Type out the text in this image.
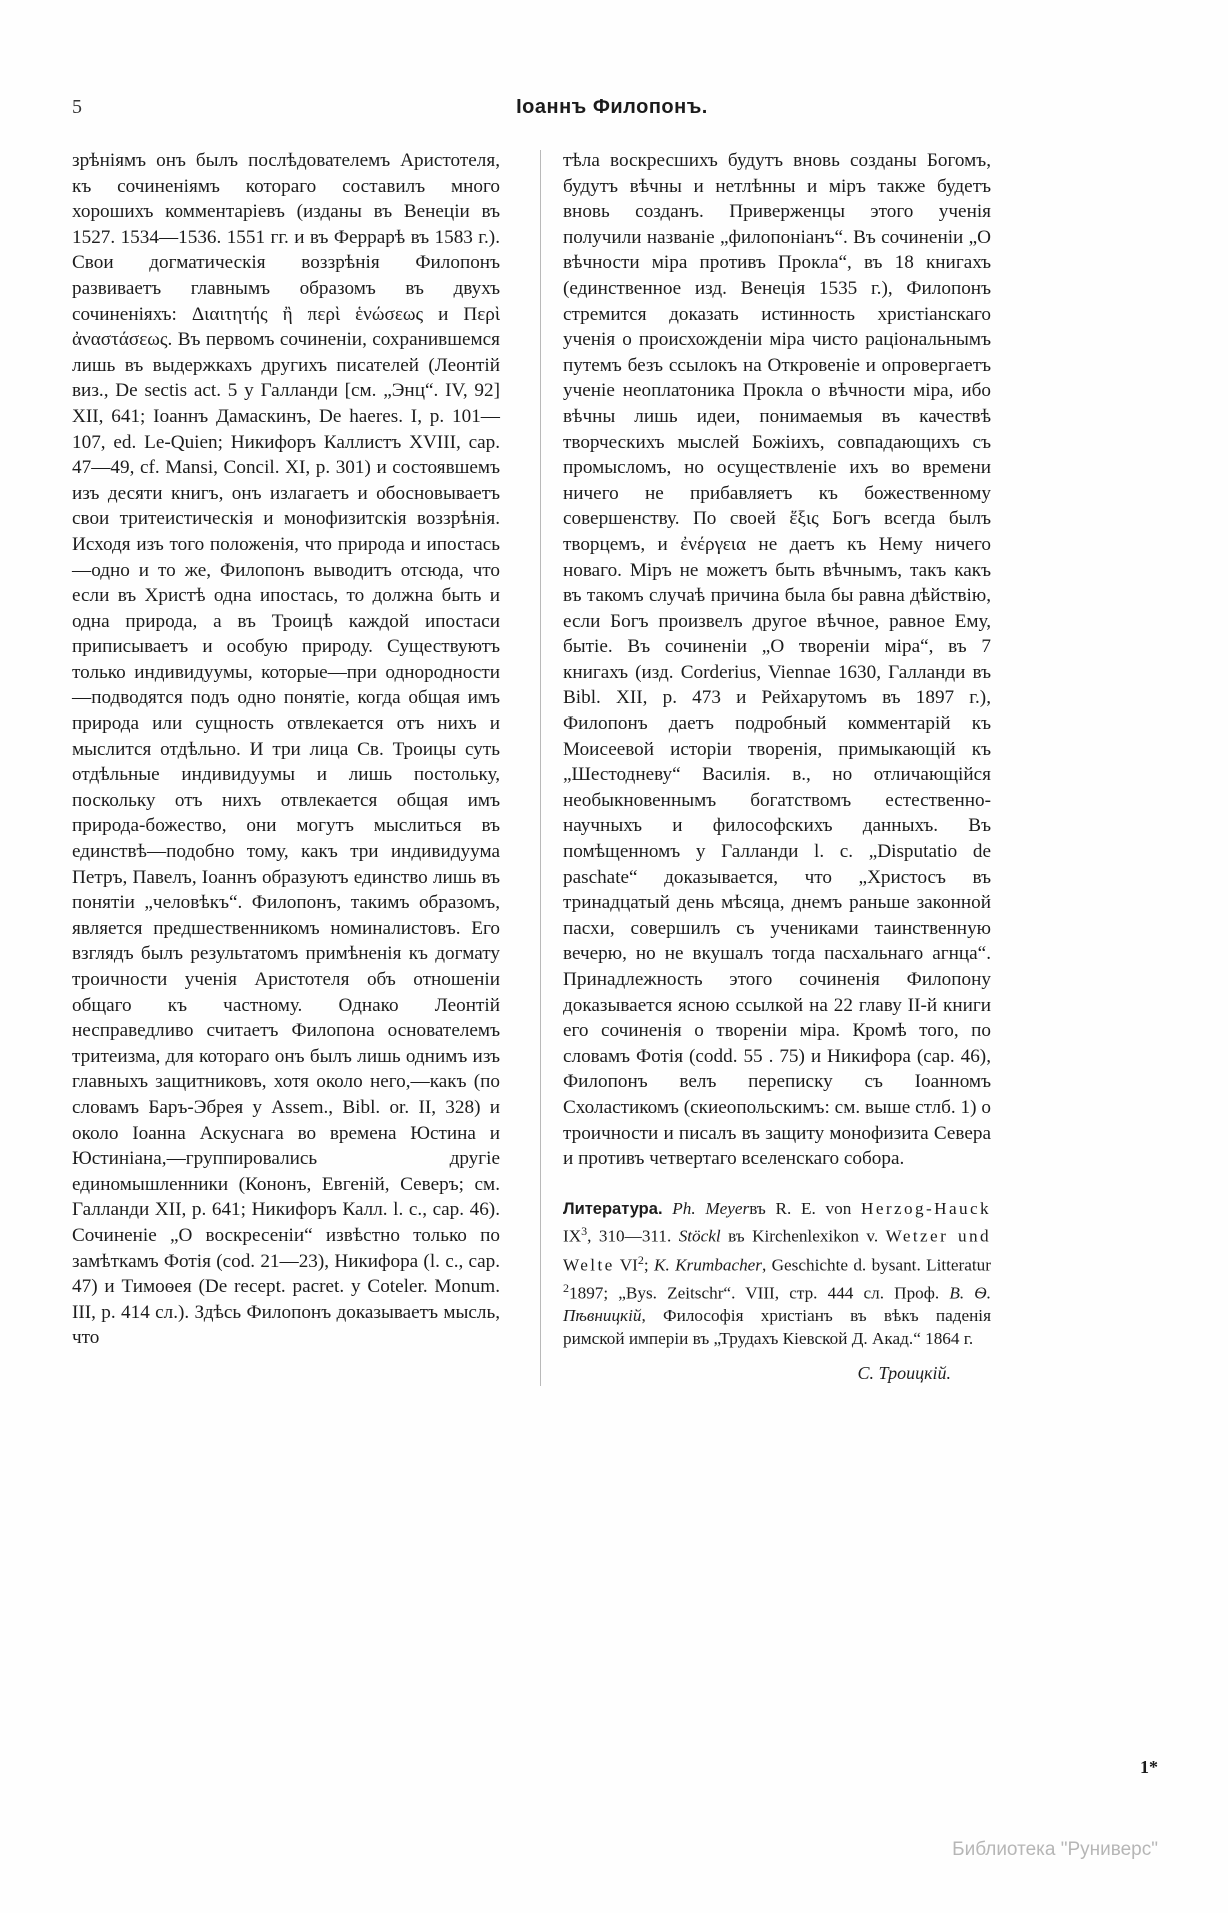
5	Іоаннъ Филопонъ.

зрѣніямъ онъ былъ послѣдователемъ Аристотеля, къ сочиненіямъ котораго составилъ много хорошихъ комментаріевъ (изданы въ Венеціи въ 1527. 1534—1536. 1551 гг. и въ Феррарѣ въ 1583 г.). Свои догматическія воззрѣнія Филопонъ развиваетъ главнымъ образомъ въ двухъ сочиненіяхъ: Διαιτητής ἢ περὶ ἑνώσεως и Περὶ ἀναστάσεως. Въ первомъ сочиненіи, сохранившемся лишь въ выдержкахъ другихъ писателей (Леонтій виз., De sectis act. 5 у Галланди [см. „Энц“. IV, 92] XII, 641; Іоаннъ Дамаскинъ, De haeres. I, p. 101—107, ed. Le-Quien; Никифоръ Каллистъ XVIII, cap. 47—49, cf. Mansi, Concil. XI, p. 301) и состоявшемъ изъ десяти книгъ, онъ излагаетъ и обосновываетъ свои тритеистическія и монофизитскія воззрѣнія. Исходя изъ того положенія, что природа и ипостась—одно и то же, Филопонъ выводитъ отсюда, что если въ Христѣ одна ипостась, то должна быть и одна природа, а въ Троицѣ каждой ипостаси приписываетъ и особую природу. Существуютъ только индивидуумы, которые—при однородности—подводятся подъ одно понятіе, когда общая имъ природа или сущность отвлекается отъ нихъ и мыслится отдѣльно. И три лица Св. Троицы суть отдѣльные индивидуумы и лишь постольку, поскольку отъ нихъ отвлекается общая имъ природа-божество, они могутъ мыслиться въ единствѣ—подобно тому, какъ три индивидуума Петръ, Павелъ, Іоаннъ образуютъ единство лишь въ понятіи „человѣкъ“. Филопонъ, такимъ образомъ, является предшественникомъ номиналистовъ. Его взглядъ былъ результатомъ примѣненія къ догмату троичности ученія Аристотеля объ отношеніи общаго къ частному. Однако Леонтій несправедливо считаетъ Филопона основателемъ тритеизма, для котораго онъ былъ лишь однимъ изъ главныхъ защитниковъ, хотя около него,—какъ (по словамъ Баръ-Эбрея у Assem., Bibl. or. II, 328) и около Іоанна Аскуснага во времена Юстина и Юстиніана,—группировались другіе единомышленники (Кононъ, Евгеній, Северъ; см. Галланди XII, p. 641; Никифоръ Калл. l. c., cap. 46). Сочиненіе „О воскресеніи“ извѣстно только по замѣткамъ Фотія (cod. 21—23), Никифора (l. c., cap. 47) и Тимоѳея (De recept. pacret. y Coteler. Monum. III, p. 414 сл.). Здѣсь Филопонъ доказываетъ мысль, что

тѣла воскресшихъ будутъ вновь созданы Богомъ, будутъ вѣчны и нетлѣнны и міръ также будетъ вновь созданъ. Приверженцы этого ученія получили названіе „филопоніанъ“. Въ сочиненіи „О вѣчности міра противъ Прокла“, въ 18 книгахъ (единственное изд. Венеція 1535 г.), Филопонъ стремится доказать истинность христіанскаго ученія о происхожденіи міра чисто раціональнымъ путемъ безъ ссылокъ на Откровеніе и опровергаетъ ученіе неоплатоника Прокла о вѣчности міра, ибо вѣчны лишь идеи, понимаемыя въ качествѣ творческихъ мыслей Божіихъ, совпадающихъ съ промысломъ, но осуществленіе ихъ во времени ничего не прибавляетъ къ божественному совершенству. По своей ἕξις Богъ всегда былъ творцемъ, и ἐνέργεια не даетъ къ Нему ничего новаго. Міръ не можетъ быть вѣчнымъ, такъ какъ въ такомъ случаѣ причина была бы равна дѣйствію, если Богъ произвелъ другое вѣчное, равное Ему, бытіе. Въ сочиненіи „О твореніи міра“, въ 7 книгахъ (изд. Corderius, Viennae 1630, Галланди въ Bibl. XII, p. 473 и Рейхарутомъ въ 1897 г.), Филопонъ даетъ подробный комментарій къ Моисеевой исторіи творенія, примыкающій къ „Шестодневу“ Василія. в., но отличающійся необыкновеннымъ богатствомъ естественно-научныхъ и философскихъ данныхъ. Въ помѣщенномъ у Галланди l. c. „Disputatio de paschate“ доказывается, что „Христосъ въ тринадцатый день мѣсяца, днемъ раньше законной пасхи, совершилъ съ учениками таинственную вечерю, но не вкушалъ тогда пасхальнаго агнца“. Принадлежность этого сочиненія Филопону доказывается ясною ссылкой на 22 главу II-й книги его сочиненія о твореніи міра. Кромѣ того, по словамъ Фотія (codd. 55 . 75) и Никифора (cap. 46), Филопонъ велъ переписку съ Іоанномъ Схоластикомъ (скиеопольскимъ: см. выше стлб. 1) о троичности и писалъ въ защиту монофизита Севера и противъ четвертаго вселенскаго собора.

Литература. Ph. Meyerвъ R. E. von Herzog-Hauck $IX^3$, 310—311. Stöckl въ Kirchenlexikon v. Wetzer und Welte $VI^2$; K. Krumbacher, Geschichte d. bysant. Litteratur $^2$1897; „Bys. Zeitschr“. VIII, стр. 444 сл. Проф. В. Ѳ. Пѣвницкій, Философія христіанъ въ вѣкъ паденія римской имперіи въ „Трудахъ Кіевской Д. Акад.“ 1864 г.
С. Троицкій.
1*
Библиотека "Руниверс"
